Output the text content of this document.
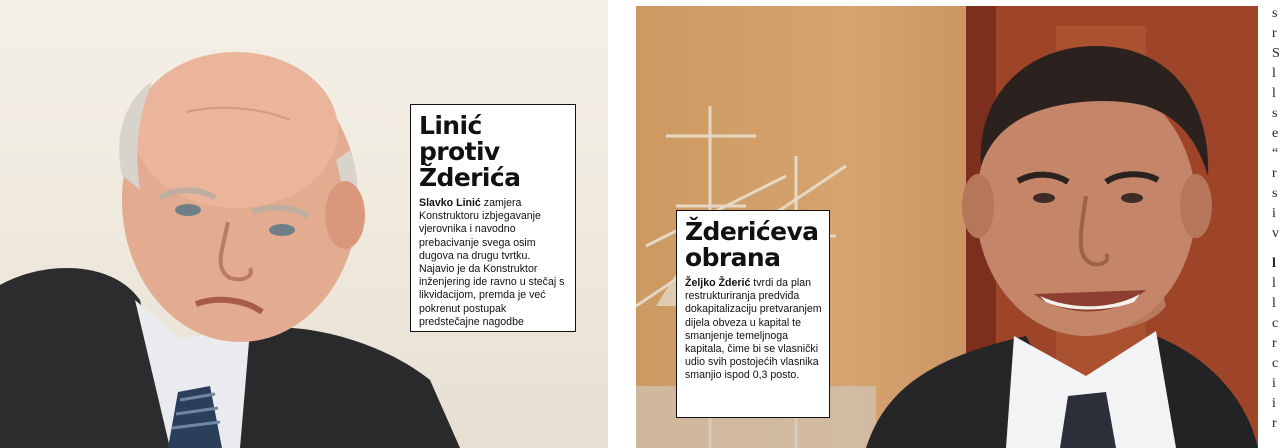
s
r
S
l
l
s
e
“
r
s
i
v
l
l
l
c
r
c
i
i
r
Linić protiv
Žderića
Slavko Linić zamjera Konstruktoru izbjegavanje vjerovnika i navodno prebacivanje svega osim dugova na drugu tvrtku. Najavio je da Konstruktor inženjering ide ravno u stečaj s likvidacijom, premda je već pokrenut postupak predstečajne nagodbe
Žderićeva
obrana
Željko Žderić tvrdi da plan restrukturiranja predviđa dokapitalizaciju pretvaranjem dijela obveza u kapital te smanjenje temeljnoga kapitala, čime bi se vlasnički udio svih postojećih vlasnika smanjio ispod 0,3 posto.
